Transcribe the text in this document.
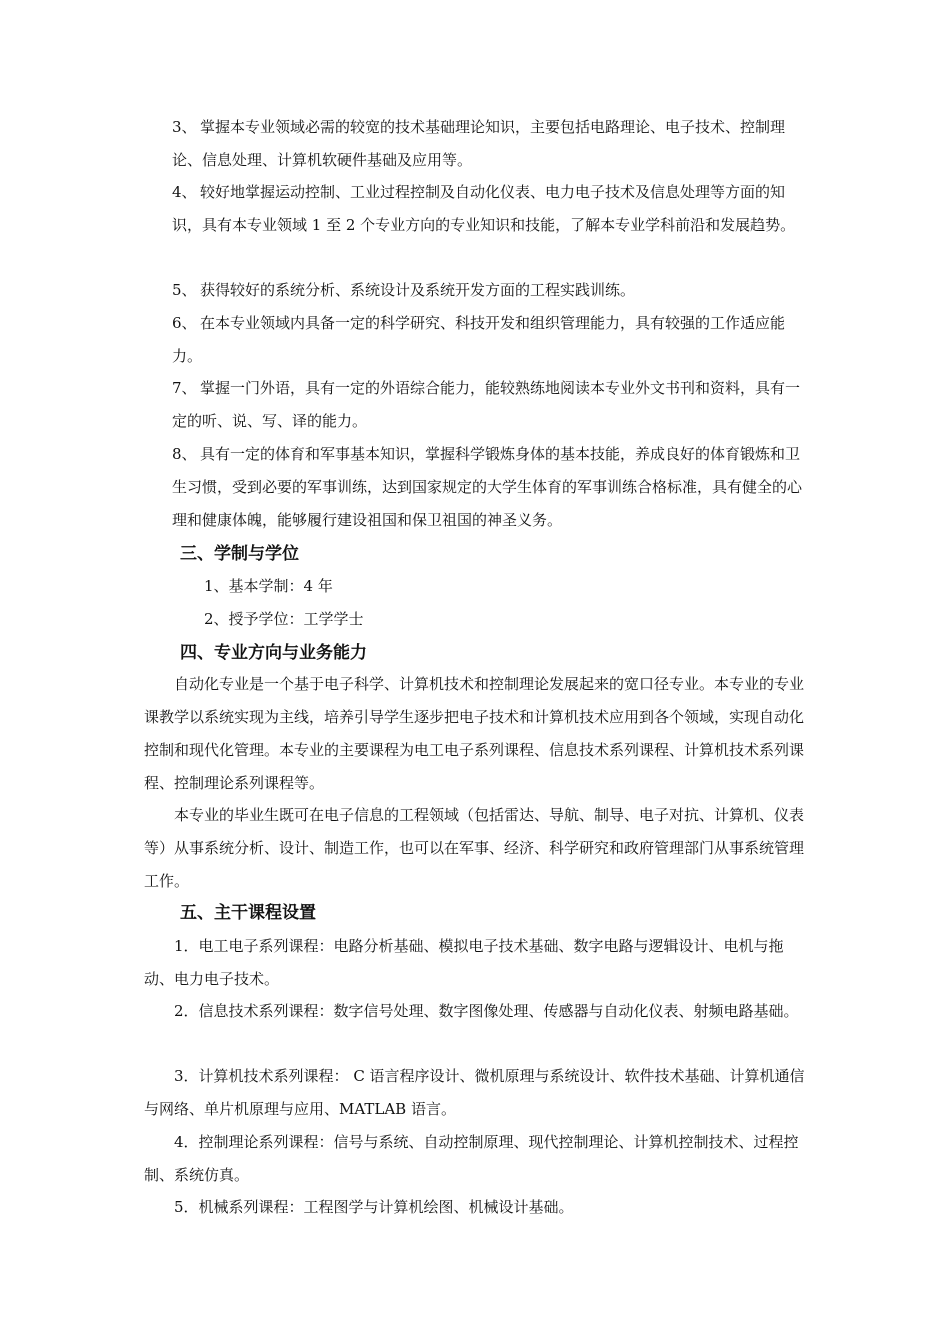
3、 掌握本专业领域必需的较宽的技术基础理论知识，主要包括电路理论、电子技术、控制理论、信息处理、计算机软硬件基础及应用等。
4、 较好地掌握运动控制、工业过程控制及自动化仪表、电力电子技术及信息处理等方面的知识，具有本专业领域 1 至 2 个专业方向的专业知识和技能，了解本专业学科前沿和发展趋势。
5、 获得较好的系统分析、系统设计及系统开发方面的工程实践训练。
6、 在本专业领域内具备一定的科学研究、科技开发和组织管理能力，具有较强的工作适应能力。
7、 掌握一门外语，具有一定的外语综合能力，能较熟练地阅读本专业外文书刊和资料，具有一定的听、说、写、译的能力。
8、 具有一定的体育和军事基本知识，掌握科学锻炼身体的基本技能，养成良好的体育锻炼和卫生习惯，受到必要的军事训练，达到国家规定的大学生体育的军事训练合格标准，具有健全的心理和健康体魄，能够履行建设祖国和保卫祖国的神圣义务。
三、学制与学位
1、基本学制：4 年
2、授予学位：工学学士
四、专业方向与业务能力
自动化专业是一个基于电子科学、计算机技术和控制理论发展起来的宽口径专业。本专业的专业课教学以系统实现为主线，培养引导学生逐步把电子技术和计算机技术应用到各个领域，实现自动化控制和现代化管理。本专业的主要课程为电工电子系列课程、信息技术系列课程、计算机技术系列课程、控制理论系列课程等。
本专业的毕业生既可在电子信息的工程领域（包括雷达、导航、制导、电子对抗、计算机、仪表等）从事系统分析、设计、制造工作，也可以在军事、经济、科学研究和政府管理部门从事系统管理工作。
五、主干课程设置
1．电工电子系列课程：电路分析基础、模拟电子技术基础、数字电路与逻辑设计、电机与拖动、电力电子技术。
2．信息技术系列课程：数字信号处理、数字图像处理、传感器与自动化仪表、射频电路基础。
3．计算机技术系列课程： C 语言程序设计、微机原理与系统设计、软件技术基础、计算机通信与网络、单片机原理与应用、MATLAB 语言。
4．控制理论系列课程：信号与系统、自动控制原理、现代控制理论、计算机控制技术、过程控制、系统仿真。
5．机械系列课程：工程图学与计算机绘图、机械设计基础。
